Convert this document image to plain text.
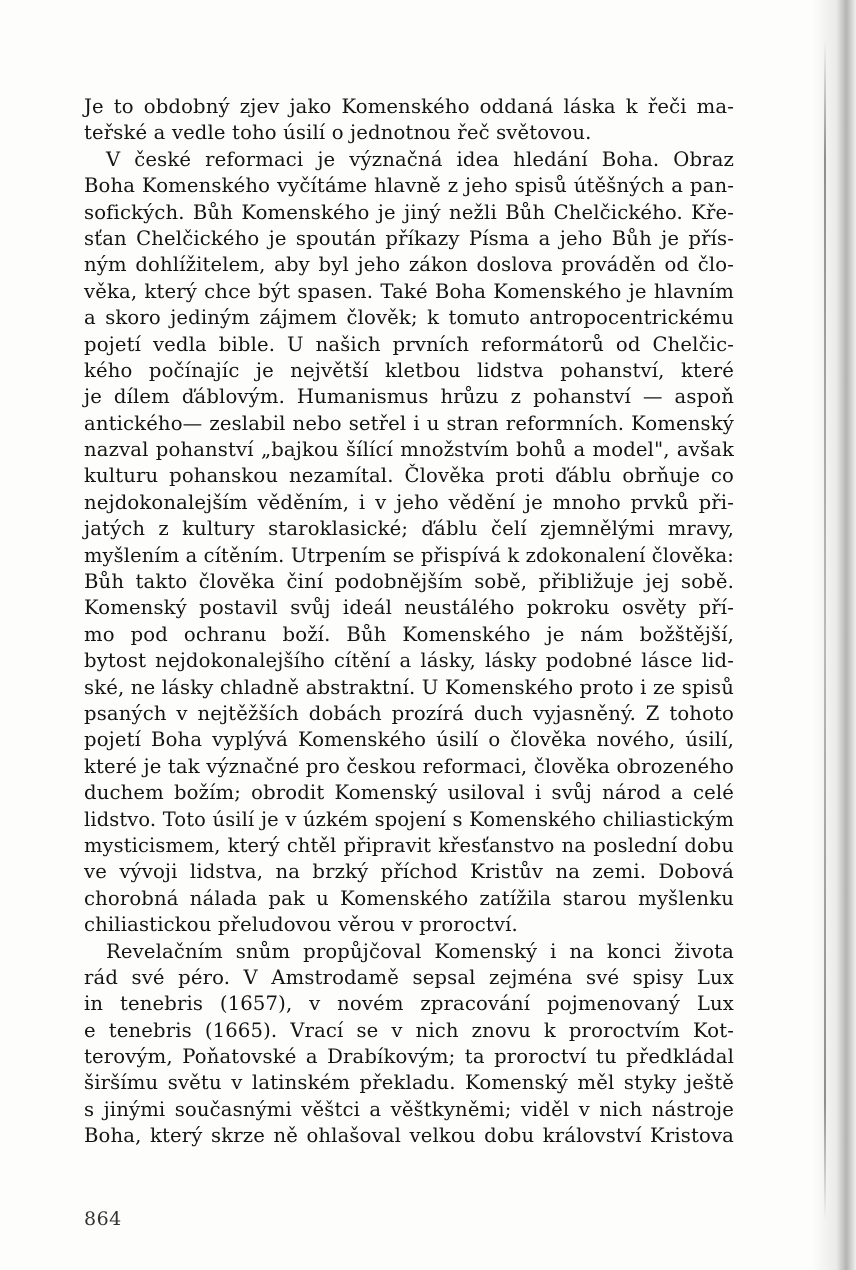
Je to obdobný zjev jako Komenského oddaná láska k řeči ma-
teřské a vedle toho úsilí o jednotnou řeč světovou.
V české reformaci je význačná idea hledání Boha. Obraz
Boha Komenského vyčítáme hlavně z jeho spisů útěšných a pan-
sofických. Bůh Komenského je jiný nežli Bůh Chelčického. Kře-
sťan Chelčického je spoután příkazy Písma a jeho Bůh je přís-
ným dohlížitelem, aby byl jeho zákon doslova prováděn od člo-
věka, který chce být spasen. Také Boha Komenského je hlavním
a skoro jediným zájmem člověk; k tomuto antropocentrickému
pojetí vedla bible. U našich prvních reformátorů od Chelčic-
kého počínajíc je největší kletbou lidstva pohanství, které
je dílem ďáblovým. Humanismus hrůzu z pohanství — aspoň
antického— zeslabil nebo setřel i u stran reformních. Komenský
nazval pohanství „bajkou šílící množstvím bohů a model", avšak
kulturu pohanskou nezamítal. Člověka proti ďáblu obrňuje co
nejdokonalejším věděním, i v jeho vědění je mnoho prvků při-
jatých z kultury staroklasické; ďáblu čelí zjemnělými mravy,
myšlením a cítěním. Utrpením se přispívá k zdokonalení člověka:
Bůh takto člověka činí podobnějším sobě, přibližuje jej sobě.
Komenský postavil svůj ideál neustálého pokroku osvěty pří-
mo pod ochranu boží. Bůh Komenského je nám božštější,
bytost nejdokonalejšího cítění a lásky, lásky podobné lásce lid-
ské, ne lásky chladně abstraktní. U Komenského proto i ze spisů
psaných v nejtěžších dobách prozírá duch vyjasněný. Z tohoto
pojetí Boha vyplývá Komenského úsilí o člověka nového, úsilí,
které je tak význačné pro českou reformaci, člověka obrozeného
duchem božím; obrodit Komenský usiloval i svůj národ a celé
lidstvo. Toto úsilí je v úzkém spojení s Komenského chiliastickým
mysticismem, který chtěl připravit křesťanstvo na poslední dobu
ve vývoji lidstva, na brzký příchod Kristův na zemi. Dobová
chorobná nálada pak u Komenského zatížila starou myšlenku
chiliastickou přeludovou věrou v proroctví.
Revelačním snům propůjčoval Komenský i na konci života
rád své péro. V Amstrodamě sepsal zejména své spisy Lux
in tenebris (1657), v novém zpracování pojmenovaný Lux
e tenebris (1665). Vrací se v nich znovu k proroctvím Kot-
terovým, Poňatovské a Drabíkovým; ta proroctví tu předkládal
širšímu světu v latinském překladu. Komenský měl styky ještě
s jinými současnými věštci a věštkyněmi; viděl v nich nástroje
Boha, který skrze ně ohlašoval velkou dobu království Kristova
864
